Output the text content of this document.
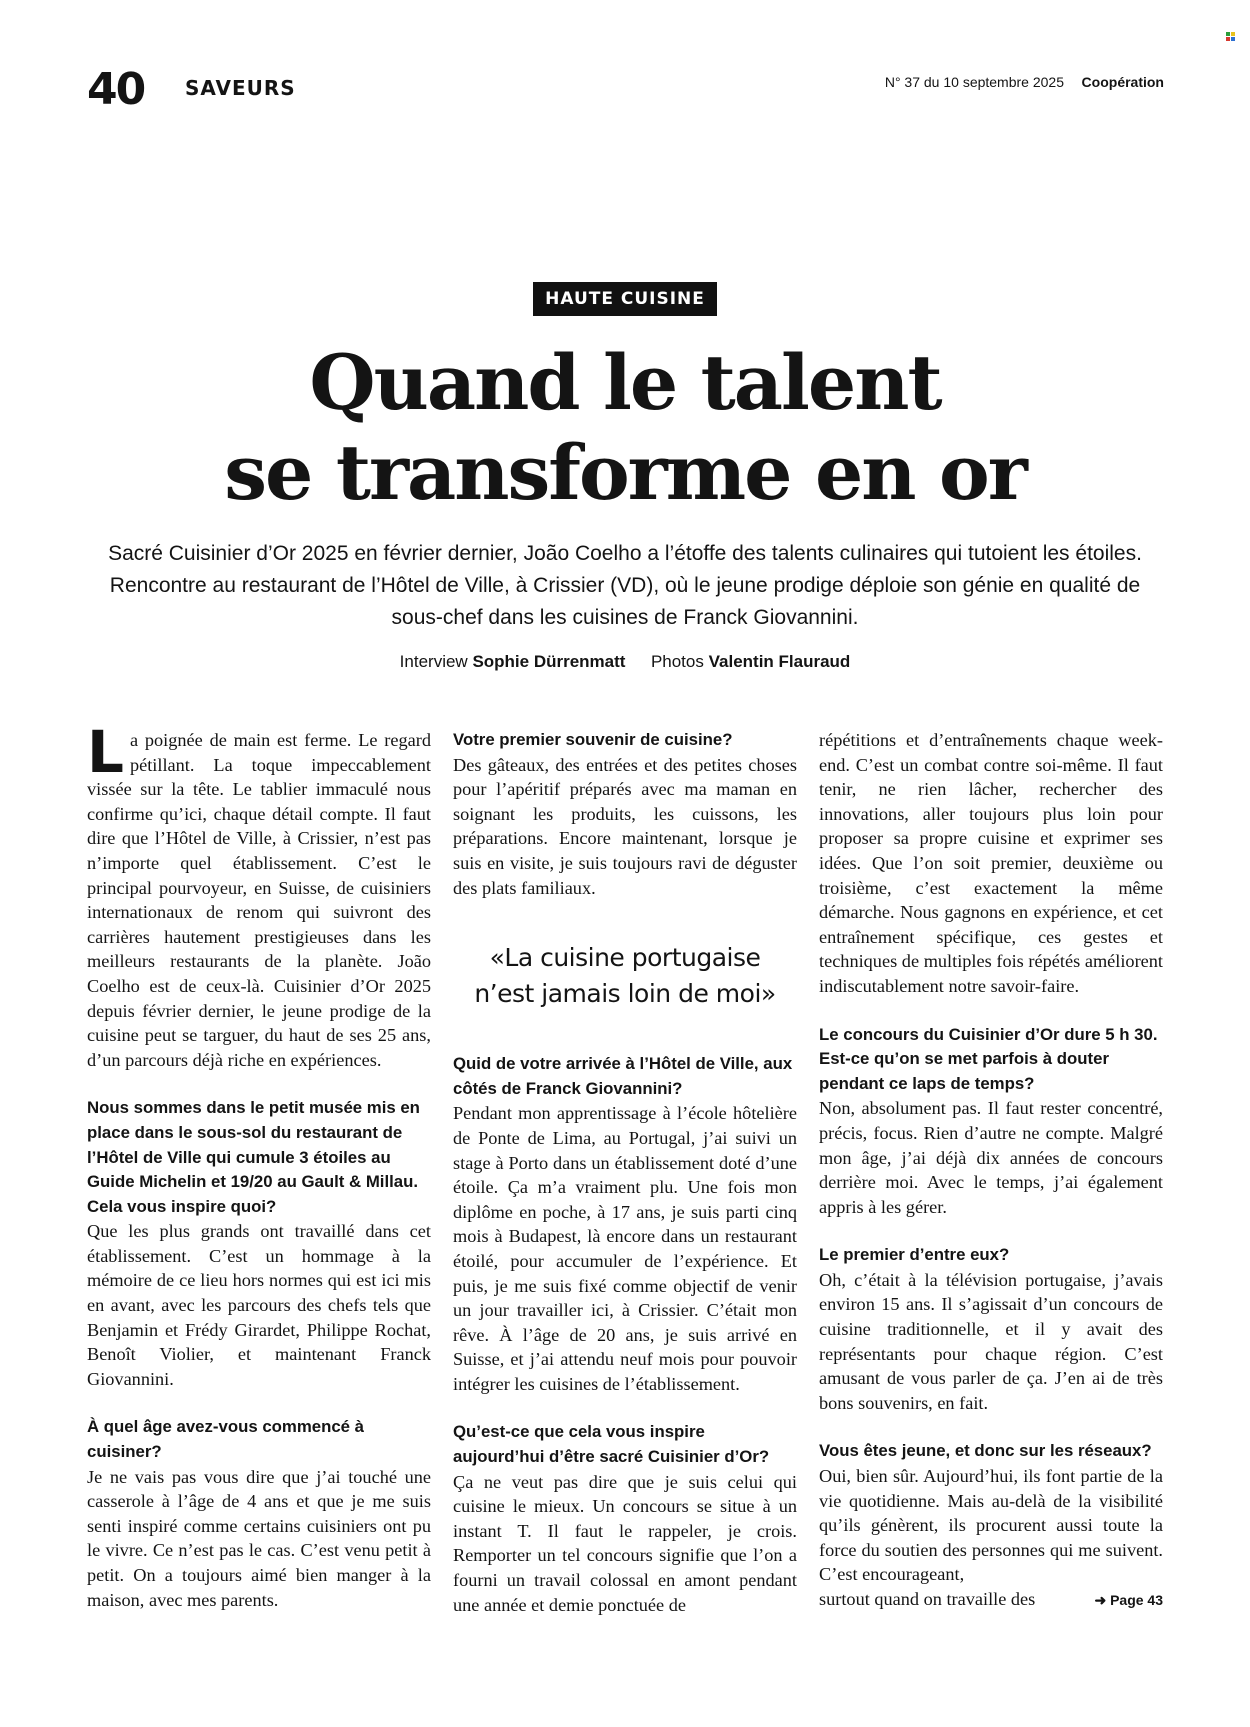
40 SAVEURS	N° 37 du 10 septembre 2025 Coopération
HAUTE CUISINE
Quand le talent
se transforme en or

Sacré Cuisinier d’Or 2025 en février dernier, João Coelho a l’étoffe des talents culinaires qui tutoient les étoiles. Rencontre au restaurant de l’Hôtel de Ville, à Crissier (VD), où le jeune prodige déploie son génie en qualité de sous-chef dans les cuisines de Franck Giovannini.

Interview Sophie Dürrenmatt Photos Valentin Flauraud

La poignée de main est ferme. Le regard pétillant. La toque impeccablement vissée sur la tête. Le tablier immaculé nous confirme qu’ici, chaque détail compte. Il faut dire que l’Hôtel de Ville, à Crissier, n’est pas n’importe quel établissement. C’est le principal pourvoyeur, en Suisse, de cuisiniers internationaux de renom qui suivront des carrières hautement prestigieuses dans les meilleurs restaurants de la planète. João Coelho est de ceux-là. Cuisinier d’Or 2025 depuis février dernier, le jeune prodige de la cuisine peut se targuer, du haut de ses 25 ans, d’un parcours déjà riche en expériences.

Nous sommes dans le petit musée mis en place dans le sous-sol du restaurant de l’Hôtel de Ville qui cumule 3 étoiles au Guide Michelin et 19/20 au Gault & Millau. Cela vous inspire quoi?

Que les plus grands ont travaillé dans cet établissement. C’est un hommage à la mémoire de ce lieu hors normes qui est ici mis en avant, avec les parcours des chefs tels que Benjamin et Frédy Girardet, Philippe Rochat, Benoît Violier, et maintenant Franck Giovannini.

À quel âge avez-vous commencé à cuisiner?

Je ne vais pas vous dire que j’ai touché une casserole à l’âge de 4 ans et que je me suis senti inspiré comme certains cuisiniers ont pu le vivre. Ce n’est pas le cas. C’est venu petit à petit. On a toujours aimé bien manger à la maison, avec mes parents.

Votre premier souvenir de cuisine?

Des gâteaux, des entrées et des petites choses pour l’apéritif préparés avec ma maman en soignant les produits, les cuissons, les préparations. Encore maintenant, lorsque je suis en visite, je suis toujours ravi de déguster des plats familiaux.

«La cuisine portugaise
n’est jamais loin de moi»

Quid de votre arrivée à l’Hôtel de Ville, aux côtés de Franck Giovannini?

Pendant mon apprentissage à l’école hôtelière de Ponte de Lima, au Portugal, j’ai suivi un stage à Porto dans un établissement doté d’une étoile. Ça m’a vraiment plu. Une fois mon diplôme en poche, à 17 ans, je suis parti cinq mois à Budapest, là encore dans un restaurant étoilé, pour accumuler de l’expérience. Et puis, je me suis fixé comme objectif de venir un jour travailler ici, à Crissier. C’était mon rêve. À l’âge de 20 ans, je suis arrivé en Suisse, et j’ai attendu neuf mois pour pouvoir intégrer les cuisines de l’établissement.

Qu’est-ce que cela vous inspire aujourd’hui d’être sacré Cuisinier d’Or?

Ça ne veut pas dire que je suis celui qui cuisine le mieux. Un concours se situe à un instant T. Il faut le rappeler, je crois. Remporter un tel concours signifie que l’on a fourni un travail colossal en amont pendant une année et demie ponctuée de

répétitions et d’entraînements chaque week-end. C’est un combat contre soi-même. Il faut tenir, ne rien lâcher, rechercher des innovations, aller toujours plus loin pour proposer sa propre cuisine et exprimer ses idées. Que l’on soit premier, deuxième ou troisième, c’est exactement la même démarche. Nous gagnons en expérience, et cet entraînement spécifique, ces gestes et techniques de multiples fois répétés améliorent indiscutablement notre savoir-faire.

Le concours du Cuisinier d’Or dure 5 h 30. Est-ce qu’on se met parfois à douter pendant ce laps de temps?

Non, absolument pas. Il faut rester concentré, précis, focus. Rien d’autre ne compte. Malgré mon âge, j’ai déjà dix années de concours derrière moi. Avec le temps, j’ai également appris à les gérer.

Le premier d’entre eux?

Oh, c’était à la télévision portugaise, j’avais environ 15 ans. Il s’agissait d’un concours de cuisine traditionnelle, et il y avait des représentants pour chaque région. C’est amusant de vous parler de ça. J’en ai de très bons souvenirs, en fait.

Vous êtes jeune, et donc sur les réseaux?

Oui, bien sûr. Aujourd’hui, ils font partie de la vie quotidienne. Mais au-delà de la visibilité qu’ils génèrent, ils procurent aussi toute la force du soutien des personnes qui me suivent. C’est encourageant,

surtout quand on travaille des	➜ Page 43
